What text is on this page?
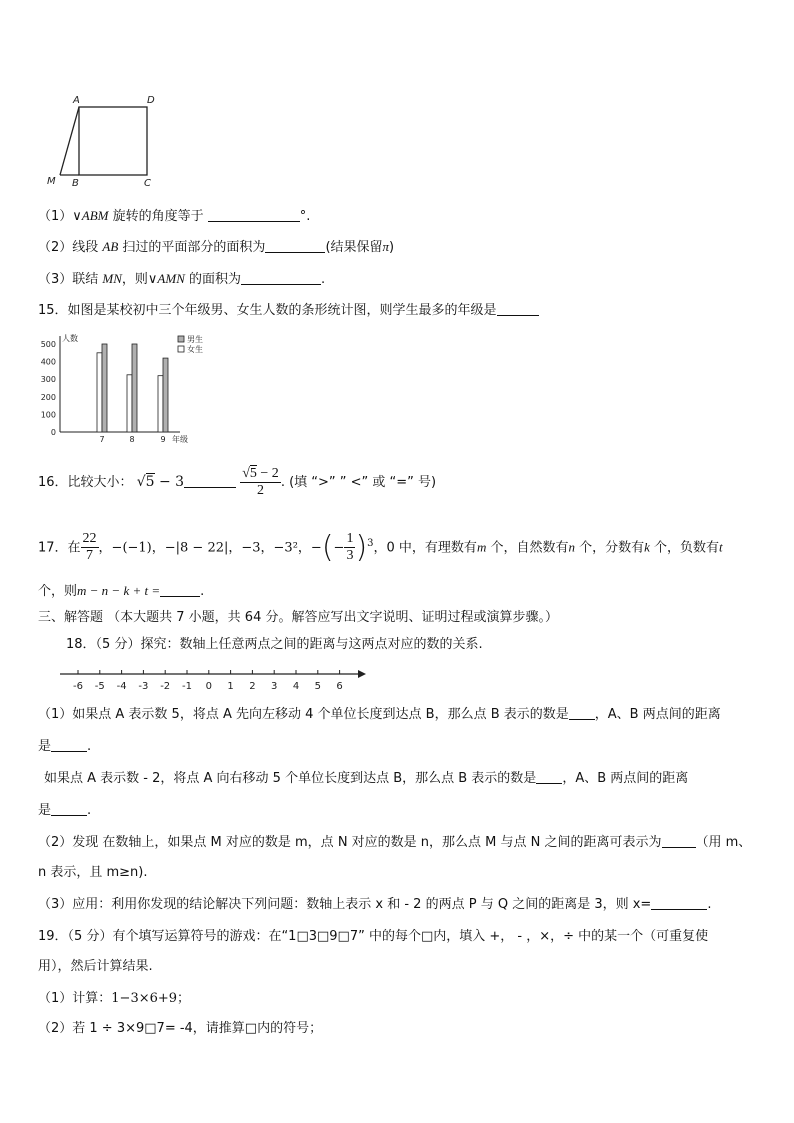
A	D
M B	C
（1）∨ABM 旋转的角度等于	°.
（2）线段 AB 扫过的平面部分的面积为	(结果保留π)
（3）联结 MN，则∨AMN 的面积为	.
15．如图是某校初中三个年级男、女生人数的条形统计图，则学生最多的年级是
0
100
200
300
400
500
人数
7	8	9 年级
男生
女生
16．比较大小： √5 − 3	$\frac{√5 - 2}{2}$ . (填 “>” ” <” 或 “=” 号)
17．在 $\frac{22}{7}$ ，−(−1)，−|8 − 22|，−3，−3²，−(− $\frac{1}{3} )^3$，0 中，有理数有m 个，自然数有n 个，分数有k 个，负数有t
个，则m − n − k + t =	.
三、解答题 （本大题共 7 小题，共 64 分。解答应写出文字说明、证明过程或演算步骤。）
18．（5 分）探究：数轴上任意两点之间的距离与这两点对应的数的关系.
-6 -5 -4 -3 -2 -1 0 1 2 3 4 5 6
（1）如果点 A 表示数 5，将点 A 先向左移动 4 个单位长度到达点 B，那么点 B 表示的数是 ，A、B 两点间的距离
是	.
如果点 A 表示数 - 2，将点 A 向右移动 5 个单位长度到达点 B，那么点 B 表示的数是 ，A、B 两点间的距离
是	.
（2）发现 在数轴上，如果点 M 对应的数是 m，点 N 对应的数是 n，那么点 M 与点 N 之间的距离可表示为	（用 m、
n 表示，且 m≥n).
（3）应用：利用你发现的结论解决下列问题：数轴上表示 x 和 - 2 的两点 P 与 Q 之间的距离是 3，则 x=	.
19．（5 分）有个填写运算符号的游戏：在“1□3□9□7” 中的每个□内，填入 +， - ，×，÷ 中的某一个（可重复使
用），然后计算结果.
（1）计算：1−3×6+9；
（2）若 1 ÷ 3×9□7= -4，请推算□内的符号；
